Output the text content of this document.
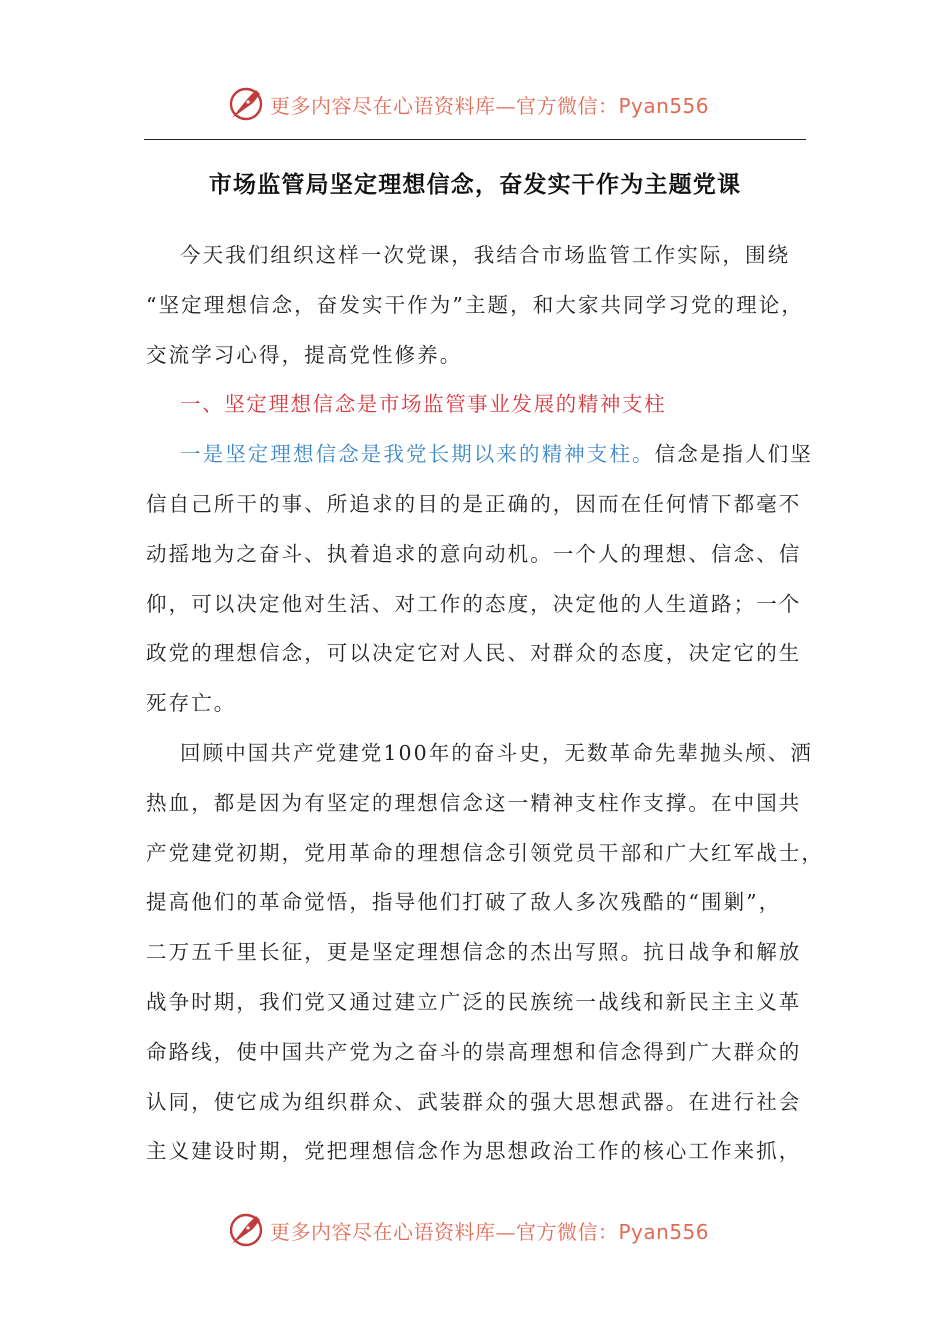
更多内容尽在心语资料库—官方微信：Pyan556
市场监管局坚定理想信念，奋发实干作为主题党课
今天我们组织这样一次党课，我结合市场监管工作实际，围绕
“坚定理想信念，奋发实干作为”主题，和大家共同学习党的理论，
交流学习心得，提高党性修养。
一、坚定理想信念是市场监管事业发展的精神支柱
一是坚定理想信念是我党长期以来的精神支柱。信念是指人们坚
信自己所干的事、所追求的目的是正确的，因而在任何情下都毫不
动摇地为之奋斗、执着追求的意向动机。一个人的理想、信念、信
仰，可以决定他对生活、对工作的态度，决定他的人生道路；一个
政党的理想信念，可以决定它对人民、对群众的态度，决定它的生
死存亡。
回顾中国共产党建党100年的奋斗史，无数革命先辈抛头颅、洒
热血，都是因为有坚定的理想信念这一精神支柱作支撑。在中国共
产党建党初期，党用革命的理想信念引领党员干部和广大红军战士，
提高他们的革命觉悟，指导他们打破了敌人多次残酷的“围剿”，
二万五千里长征，更是坚定理想信念的杰出写照。抗日战争和解放
战争时期，我们党又通过建立广泛的民族统一战线和新民主主义革
命路线，使中国共产党为之奋斗的崇高理想和信念得到广大群众的
认同，使它成为组织群众、武装群众的强大思想武器。在进行社会
主义建设时期，党把理想信念作为思想政治工作的核心工作来抓，
更多内容尽在心语资料库—官方微信：Pyan556
